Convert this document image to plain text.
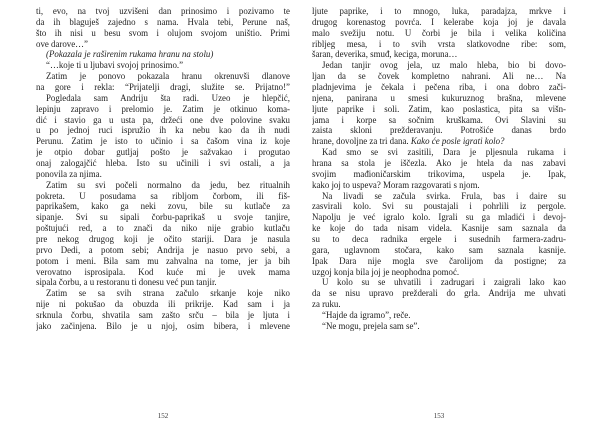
ti, evo, na tvoj uzvišeni dan prinosimo i pozivamo te
da ih blaguješ zajedno s nama. Hvala tebi, Perune naš,
što ih nisi u besu svom i olujom svojom uništio. Primi
ove darove…”
(Pokazala je raširenim rukama hranu na stolu)
“…koje ti u ljubavi svojoj prinosimo.”
Zatim je ponovo pokazala hranu okrenuvši dlanove
na gore i rekla: “Prijatelji dragi, služite se. Prijatno!”
Pogledala sam Andriju šta radi. Uzeo je hlepčić,
lepinju zapravo i prelomio je. Zatim je otkinuo koma-
dić i stavio ga u usta pa, držeći one dve polovine svaku
u po jednoj ruci ispružio ih ka nebu kao da ih nudi
Perunu. Zatim je isto to učinio i sa čašom vina iz koje
je otpio dobar gutljaj pošto je sažvakao i progutao
onaj zalogajčić hleba. Isto su učinili i svi ostali, a ja
ponovila za njima.
Zatim su svi počeli normalno da jedu, bez ritualnih
pokreta. U posudama sa ribljom čorbom, ili fiš-
paprikašem, kako ga neki zovu, bile su kutlače za
sipanje. Svi su sipali čorbu-paprikaš u svoje tanjire,
poštujući red, a to znači da niko nije grabio kutlaču
pre nekog drugog koji je očito stariji. Dara je nasula
prvo Dedi, a potom sebi; Andrija je nasuo prvo sebi, a
potom i meni. Bila sam mu zahvalna na tome, jer ja bih
verovatno isprosipala. Kod kuće mi je uvek mama
sipala čorbu, a u restoranu ti donesu već pun tanjir.
Zatim se sa svih strana začulo srkanje koje niko
nije ni pokušao da obuzda ili prikrije. Kad sam i ja
srknula čorbu, shvatila sam zašto srču – bila je ljuta i
jako začinjena. Bilo je u njoj, osim bibera, i mlevene
ljute paprike, i to mnogo, luka, paradajza, mrkve i
drugog korenastog povrća. I kelerabe koja joj je davala
malo svežiju notu. U čorbi je bila i velika količina
ribljeg mesa, i to svih vrsta slatkovodne ribe: som,
šaran, deverika, smuđ, keciga, moruna…
Jedan tanjir ovog jela, uz malo hleba, bio bi dovo-
ljan da se čovek kompletno nahrani. Ali ne… Na
pladnjevima je čekala i pečena riba, i ona dobro zači-
njena, panirana u smesi kukuruznog brašna, mlevene
ljute paprike i soli. Zatim, kao poslastica, pita sa višn-
jama i korpe sa sočnim kruškama. Ovi Slavini su
zaista skloni prežderavanju. Potrošiće danas brdo
hrane, dovoljne za tri dana. Kako će posle igrati kolo?
Kad smo se svi zasitili, Dara je pljesnula rukama i
hrana sa stola je iščezla. Ako je htela da nas zabavi
svojim mađioničarskim trikovima, uspela je. Ipak,
kako joj to uspeva? Moram razgovarati s njom.
Na livadi se začula svirka. Frula, bas i daire su
zasvirali kolo. Svi su poustajali i pohrlili iz pergole.
Napolju je već igralo kolo. Igrali su ga mladići i devoj-
ke koje do tada nisam videla. Kasnije sam saznala da
su to deca radnika ergele i susednih farmera-zadru-
gara, uglavnom stočara, kako sam saznala kasnije.
Ipak Dara nije mogla sve čarolijom da postigne; za
uzgoj konja bila joj je neophodna pomoć.
U kolo su se uhvatili i zadrugari i zaigrali lako kao
da se nisu upravo prežderali do grla. Andrija me uhvati
za ruku.
“Hajde da igramo”, reče.
“Ne mogu, prejela sam se”.
152	153
